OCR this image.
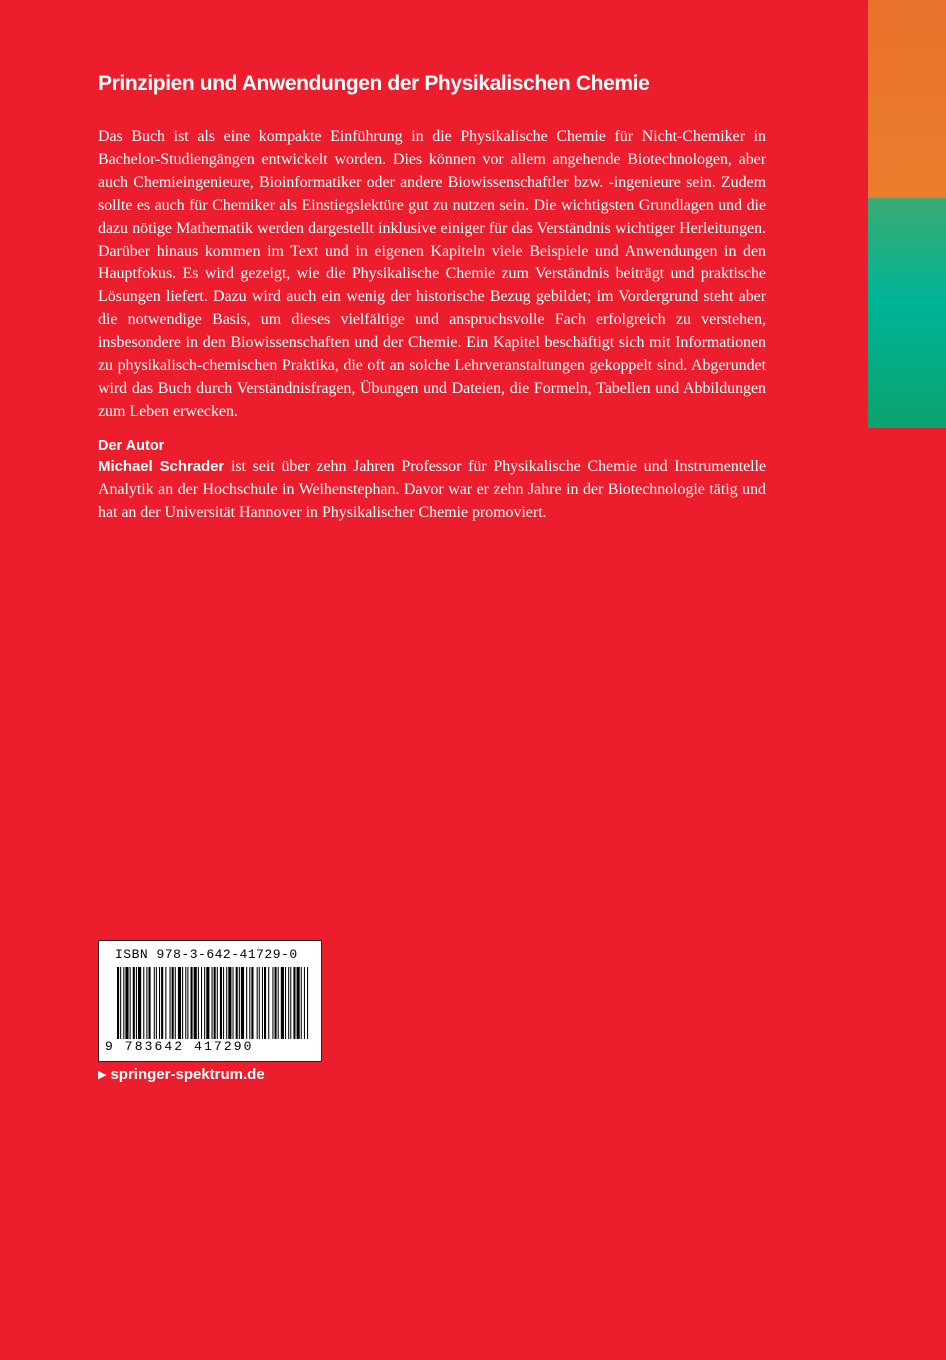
Prinzipien und Anwendungen der Physikalischen Chemie

Das Buch ist als eine kompakte Einführung in die Physikalische Chemie für Nicht-Chemiker in Bachelor-Studiengängen entwickelt worden. Dies können vor allem angehende Biotechnologen, aber auch Chemieingenieure, Bioinformatiker oder andere Biowissenschaftler bzw. -ingenieure sein. Zudem sollte es auch für Chemiker als Einstiegslektüre gut zu nutzen sein. Die wichtigsten Grundlagen und die dazu nötige Mathematik werden dargestellt inklusive einiger für das Verständnis wichtiger Herleitungen. Darüber hinaus kommen im Text und in eigenen Kapiteln viele Beispiele und Anwendungen in den Hauptfokus. Es wird gezeigt, wie die Physikalische Chemie zum Verständnis beiträgt und praktische Lösungen liefert. Dazu wird auch ein wenig der historische Bezug gebildet; im Vordergrund steht aber die notwendige Basis, um dieses vielfältige und anspruchsvolle Fach erfolgreich zu verstehen, insbesondere in den Biowissenschaften und der Chemie. Ein Kapitel beschäftigt sich mit Informationen zu physikalisch-chemischen Praktika, die oft an solche Lehrveranstaltungen gekoppelt sind. Abgerundet wird das Buch durch Verständnisfragen, Übungen und Dateien, die Formeln, Tabellen und Abbildungen zum Leben erwecken.

Der Autor

Michael Schrader ist seit über zehn Jahren Professor für Physikalische Chemie und Instrumentelle Analytik an der Hochschule in Weihenstephan. Davor war er zehn Jahre in der Biotechnologie tätig und hat an der Universität Hannover in Physikalischer Chemie promoviert.

ISBN 978-3-642-41729-0
9 783642 417290
▶ springer-spektrum.de
